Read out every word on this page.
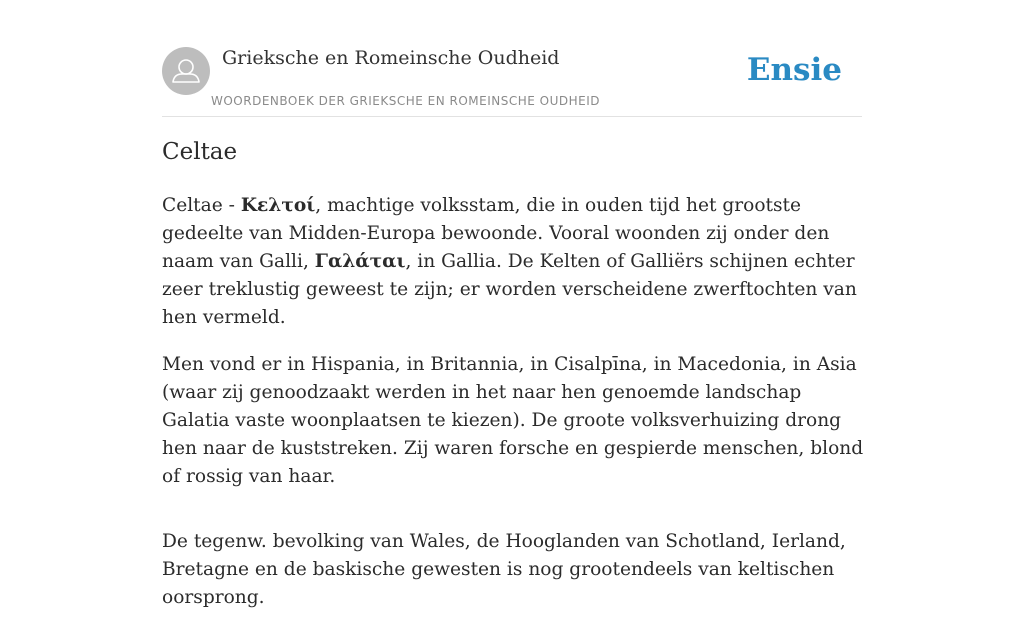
Grieksche en Romeinsche Oudheid
WOORDENBOEK DER GRIEKSCHE EN ROMEINSCHE OUDHEID
Ensie
Celtae

Celtae - Κελτοί, machtige volksstam, die in ouden tijd het grootste gedeelte van Midden-Europa bewoonde. Vooral woonden zij onder den naam van Galli, Γαλάται, in Gallia. De Kelten of Galliërs schijnen echter zeer treklustig geweest te zijn; er worden verscheidene zwerftochten van hen vermeld.

Men vond er in Hispania, in Britannia, in Cisalpīna, in Macedonia, in Asia (waar zij genoodzaakt werden in het naar hen genoemde landschap Galatia vaste woonplaatsen te kiezen). De groote volksverhuizing drong hen naar de kuststreken. Zij waren forsche en gespierde menschen, blond of rossig van haar.

De tegenw. bevolking van Wales, de Hooglanden van Schotland, Ierland, Bretagne en de baskische gewesten is nog grootendeels van keltischen oorsprong.
